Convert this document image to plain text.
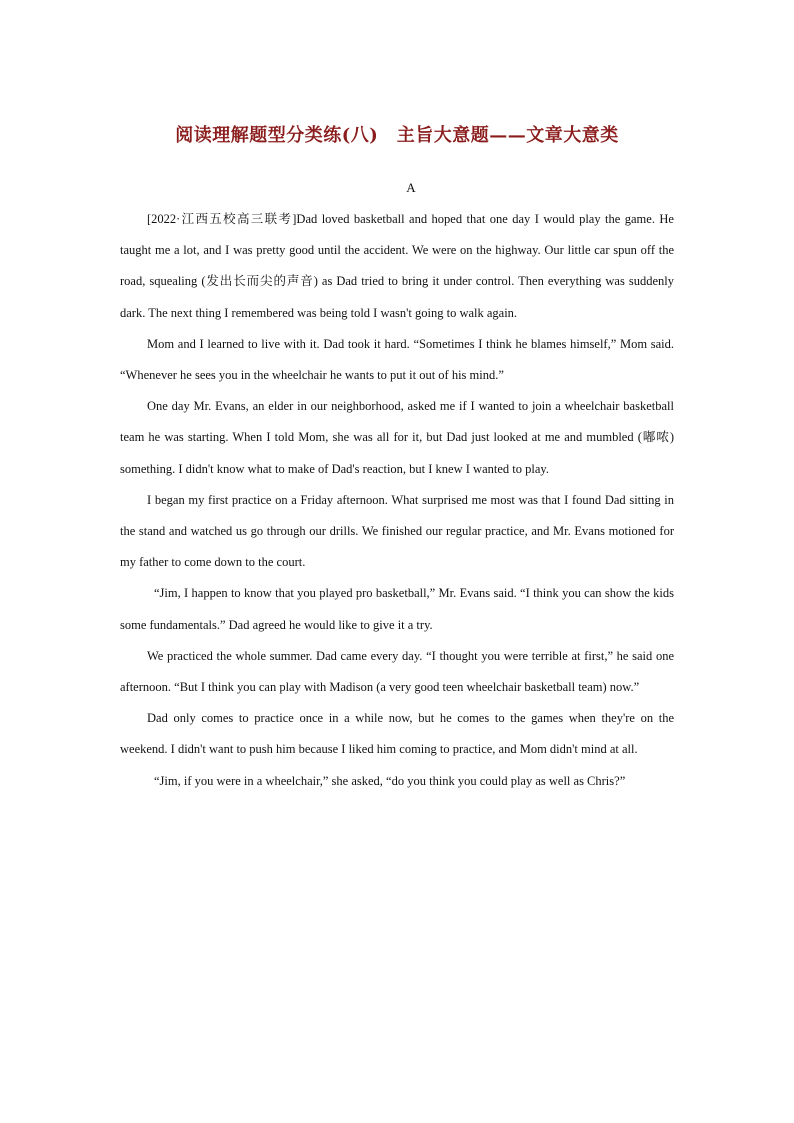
阅读理解题型分类练(八)　主旨大意题——文章大意类
A

[2022·江西五校高三联考]Dad loved basketball and hoped that one day I would play the game. He taught me a lot, and I was pretty good until the accident. We were on the highway. Our little car spun off the road, squealing (发出长而尖的声音) as Dad tried to bring it under control. Then everything was suddenly dark. The next thing I remembered was being told I wasn't going to walk again.

Mom and I learned to live with it. Dad took it hard. “Sometimes I think he blames himself,” Mom said. “Whenever he sees you in the wheelchair he wants to put it out of his mind.”

One day Mr. Evans, an elder in our neighborhood, asked me if I wanted to join a wheelchair basketball team he was starting. When I told Mom, she was all for it, but Dad just looked at me and mumbled (嘟哝) something. I didn't know what to make of Dad's reaction, but I knew I wanted to play.

I began my first practice on a Friday afternoon. What surprised me most was that I found Dad sitting in the stand and watched us go through our drills. We finished our regular practice, and Mr. Evans motioned for my father to come down to the court.

“Jim, I happen to know that you played pro basketball,” Mr. Evans said. “I think you can show the kids some fundamentals.” Dad agreed he would like to give it a try.

We practiced the whole summer. Dad came every day. “I thought you were terrible at first,” he said one afternoon. “But I think you can play with Madison (a very good teen wheelchair basketball team) now.”

Dad only comes to practice once in a while now, but he comes to the games when they're on the weekend. I didn't want to push him because I liked him coming to practice, and Mom didn't mind at all.

“Jim, if you were in a wheelchair,” she asked, “do you think you could play as well as Chris?”
